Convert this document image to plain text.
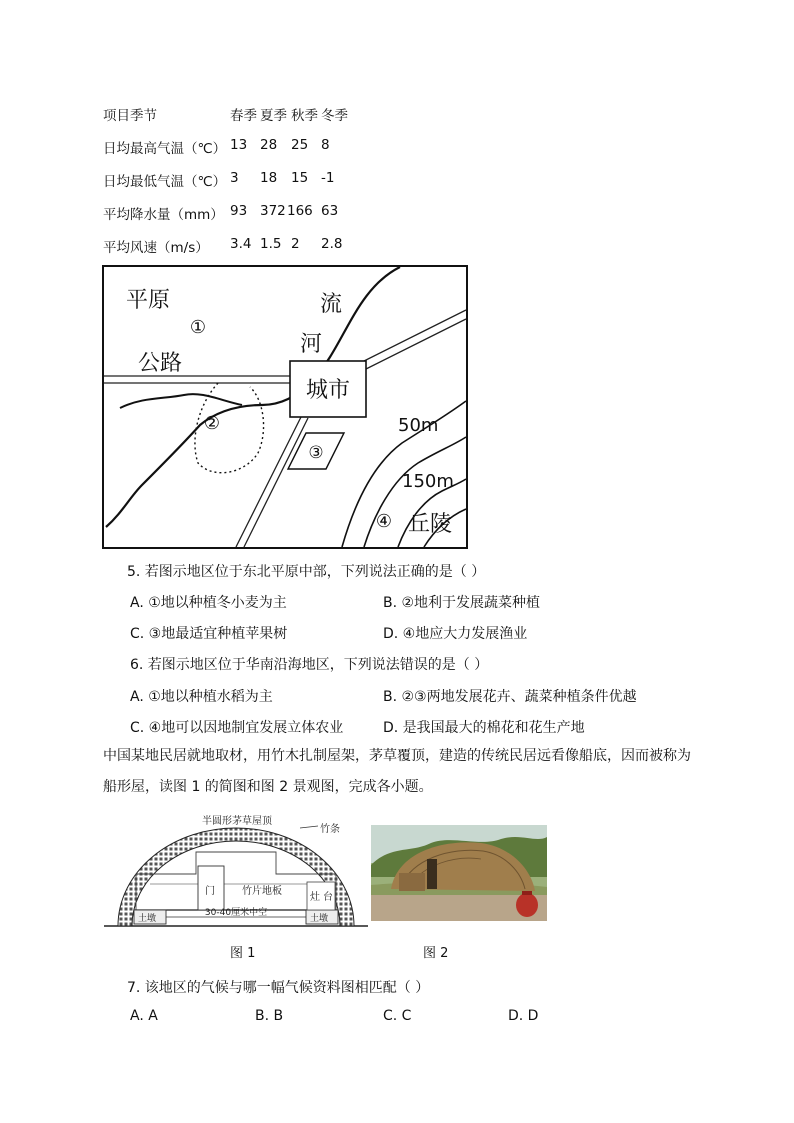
项目季节	春季 夏季 秋季 冬季
日均最高气温（℃） 13 28 25 8
日均最低气温（℃） 3 18 15 -1
平均降水量（mm） 93 372 166 63
平均风速（m/s） 3.4 1.5 2 2.8
城市
平原
①
公路
流
河
②
③
50m
150m
④ 丘陵
5. 若图示地区位于东北平原中部，下列说法正确的是（ ）
A. ①地以种植冬小麦为主	B. ②地利于发展蔬菜种植
C. ③地最适宜种植苹果树	D. ④地应大力发展渔业
6. 若图示地区位于华南沿海地区，下列说法错误的是（ ）
A. ①地以种植水稻为主	B. ②③两地发展花卉、蔬菜种植条件优越
C. ④地可以因地制宜发展立体农业	D. 是我国最大的棉花和花生产地
中国某地民居就地取材，用竹木扎制屋架，茅草覆顶，建造的传统民居远看像船底，因而被称为船形屋，读图 1 的简图和图 2 景观图，完成各小题。
半圆形茅草屋顶
竹条
门	竹片地板
灶 台
土墩	土墩
30-40厘米中空
图 1	图 2
7. 该地区的气候与哪一幅气候资料图相匹配（ ）
A. A	B. B	C. C	D. D
